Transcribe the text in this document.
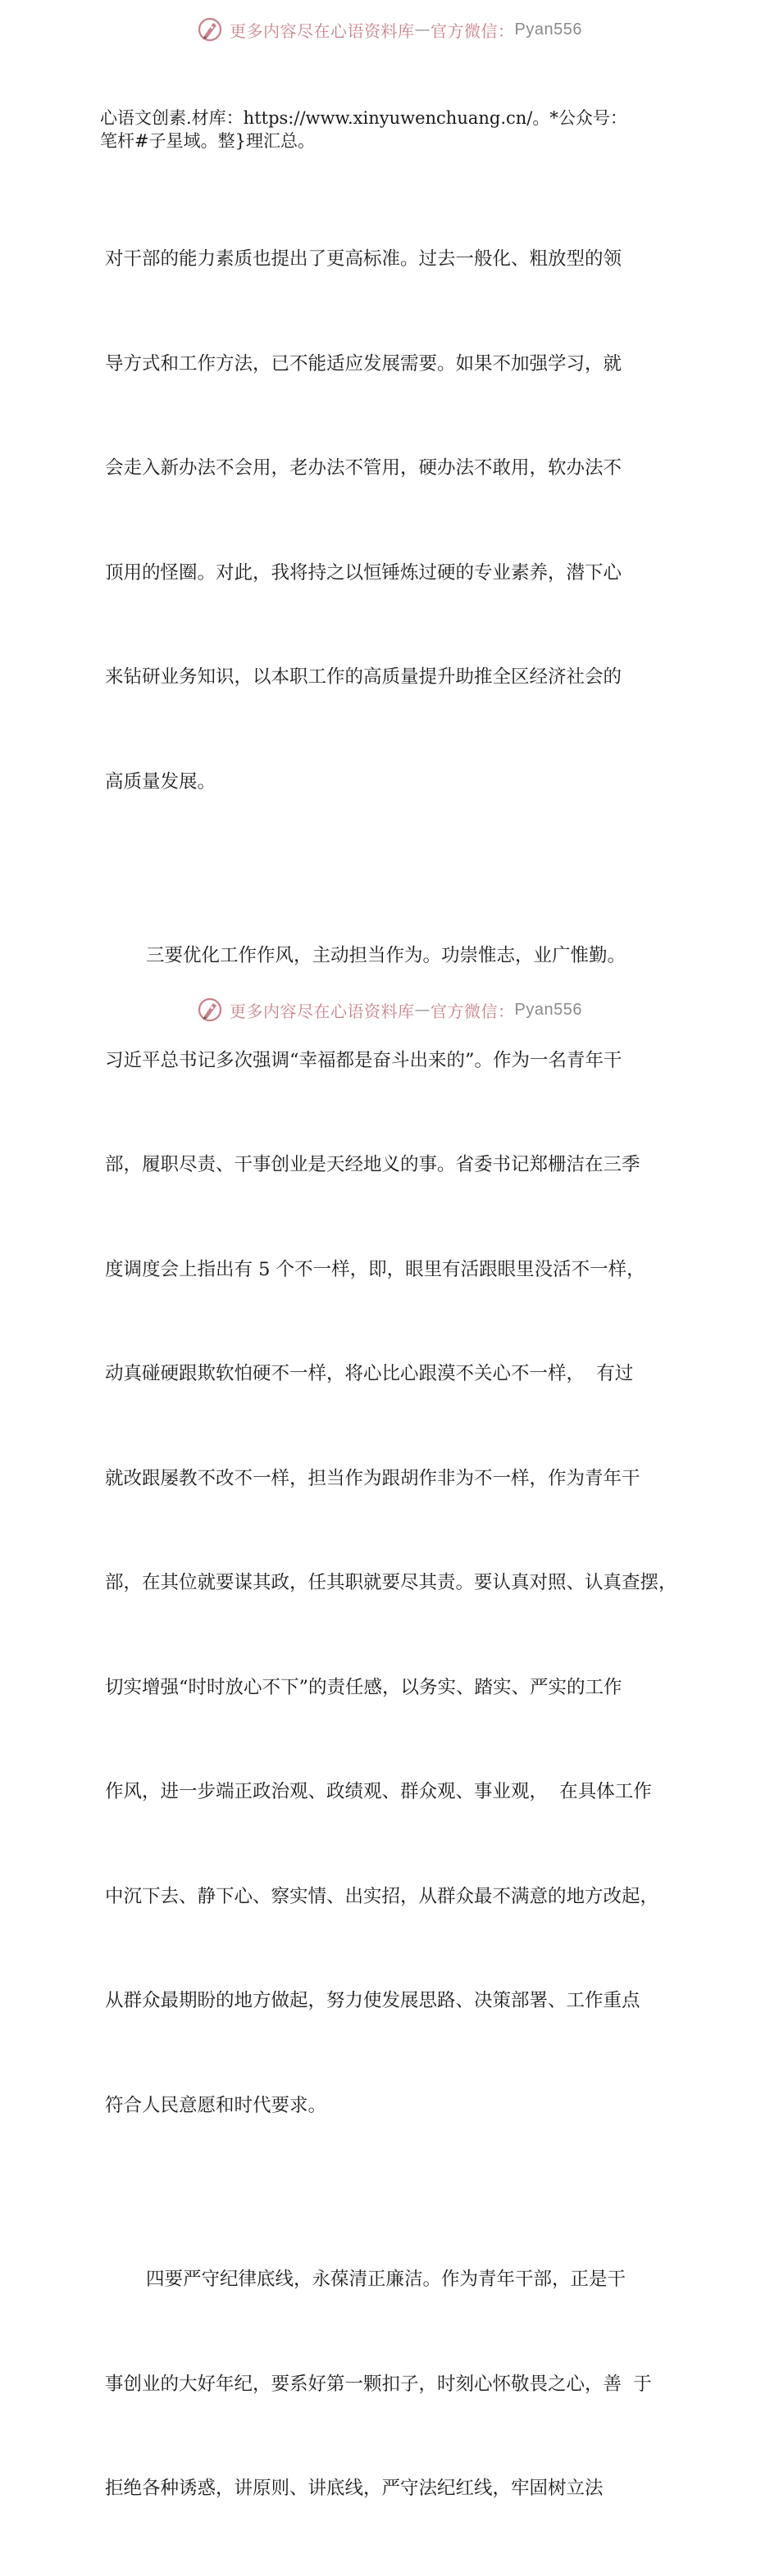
更多内容尽在心语资料库 — 官方微信： Pyan556
心语文创素.材库：https://www.xinyuwenchuang.cn/。*公众号：
笔杆#子星域。整}理汇总。

对干部的能力素质也提出了更高标准。过去一般化、粗放型的领

导方式和工作方法，已不能适应发展需要。如果不加强学习，就

会走入新办法不会用，老办法不管用，硬办法不敢用，软办法不

顶用的怪圈。对此，我将持之以恒锤炼过硬的专业素养，潜下心

来钻研业务知识，以本职工作的高质量提升助推全区经济社会的

高质量发展。

三要优化工作作风，主动担当作为。功崇惟志，业广惟勤。

习近平总书记多次强调“幸福都是奋斗出来的”。作为一名青年干

部，履职尽责、干事创业是天经地义的事。省委书记郑栅洁在三季

度调度会上指出有 5 个不一样，即，眼里有活跟眼里没活不一样，

动真碰硬跟欺软怕硬不一样，将心比心跟漠不关心不一样，  有过

就改跟屡教不改不一样，担当作为跟胡作非为不一样，作为青年干

部，在其位就要谋其政，任其职就要尽其责。要认真对照、认真查摆，

切实增强“时时放心不下”的责任感，以务实、踏实、严实的工作

作风，进一步端正政治观、政绩观、群众观、事业观，  在具体工作

中沉下去、静下心、察实情、出实招，从群众最不满意的地方改起，

从群众最期盼的地方做起，努力使发展思路、决策部署、工作重点

符合人民意愿和时代要求。

四要严守纪律底线，永葆清正廉洁。作为青年干部，正是干

事创业的大好年纪，要系好第一颗扣子，时刻心怀敬畏之心，善  于

拒绝各种诱惑，讲原则、讲底线，严守法纪红线，牢固树立法

更多内容尽在心语资料库 — 官方微信： Pyan556
